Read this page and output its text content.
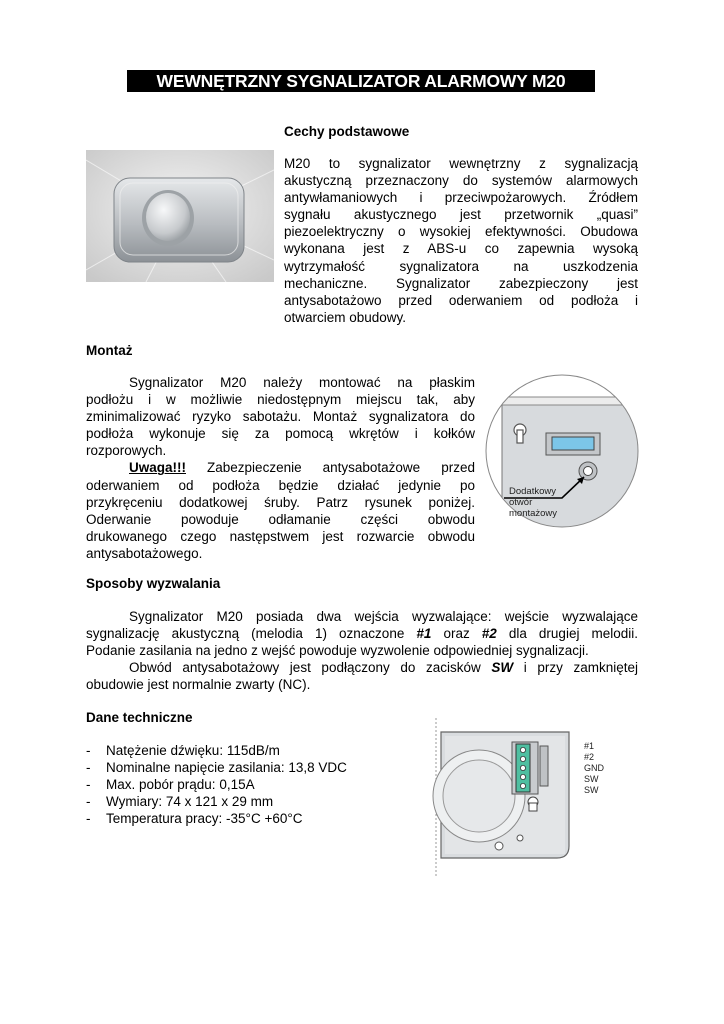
WEWNĘTRZNY SYGNALIZATOR ALARMOWY M20
Cechy podstawowe
M20 to sygnalizator wewnętrzny z sygnalizacją
akustyczną przeznaczony do systemów alarmowych
antywłamaniowych i przeciwpożarowych. Źródłem
sygnału akustycznego jest przetwornik „quasi”
piezoelektryczny o wysokiej efektywności. Obudowa
wykonana jest z ABS-u co zapewnia wysoką
wytrzymałość sygnalizatora na uszkodzenia
mechaniczne. Sygnalizator zabezpieczony jest
antysabotażowo przed oderwaniem od podłoża i
otwarciem obudowy.
Montaż
Sygnalizator M20 należy montować na płaskim
podłożu i w możliwie niedostępnym miejscu tak, aby
zminimalizować ryzyko sabotażu. Montaż sygnalizatora do
podłoża wykonuje się za pomocą wkrętów i kołków
rozporowych.
Uwaga!!! Zabezpieczenie antysabotażowe przed
oderwaniem od podłoża będzie działać jedynie po
przykręceniu dodatkowej śruby. Patrz rysunek poniżej.
Oderwanie powoduje odłamanie części obwodu
drukowanego czego następstwem jest rozwarcie obwodu
antysabotażowego.
Dodatkowy
otwór
montażowy
Sposoby wyzwalania
Sygnalizator M20 posiada dwa wejścia wyzwalające: wejście wyzwalające
sygnalizację akustyczną (melodia 1) oznaczone #1 oraz #2 dla drugiej melodii.
Podanie zasilania na jedno z wejść powoduje wyzwolenie odpowiedniej sygnalizacji.
Obwód antysabotażowy jest podłączony do zacisków SW i przy zamkniętej
obudowie jest normalnie zwarty (NC).
Dane techniczne
- Natężenie dźwięku: 115dB/m
- Nominalne napięcie zasilania: 13,8 VDC
- Max. pobór prądu: 0,15A
- Wymiary: 74 x 121 x 29 mm
- Temperatura pracy: -35°C +60°C
#1
#2
GND
SW
SW
